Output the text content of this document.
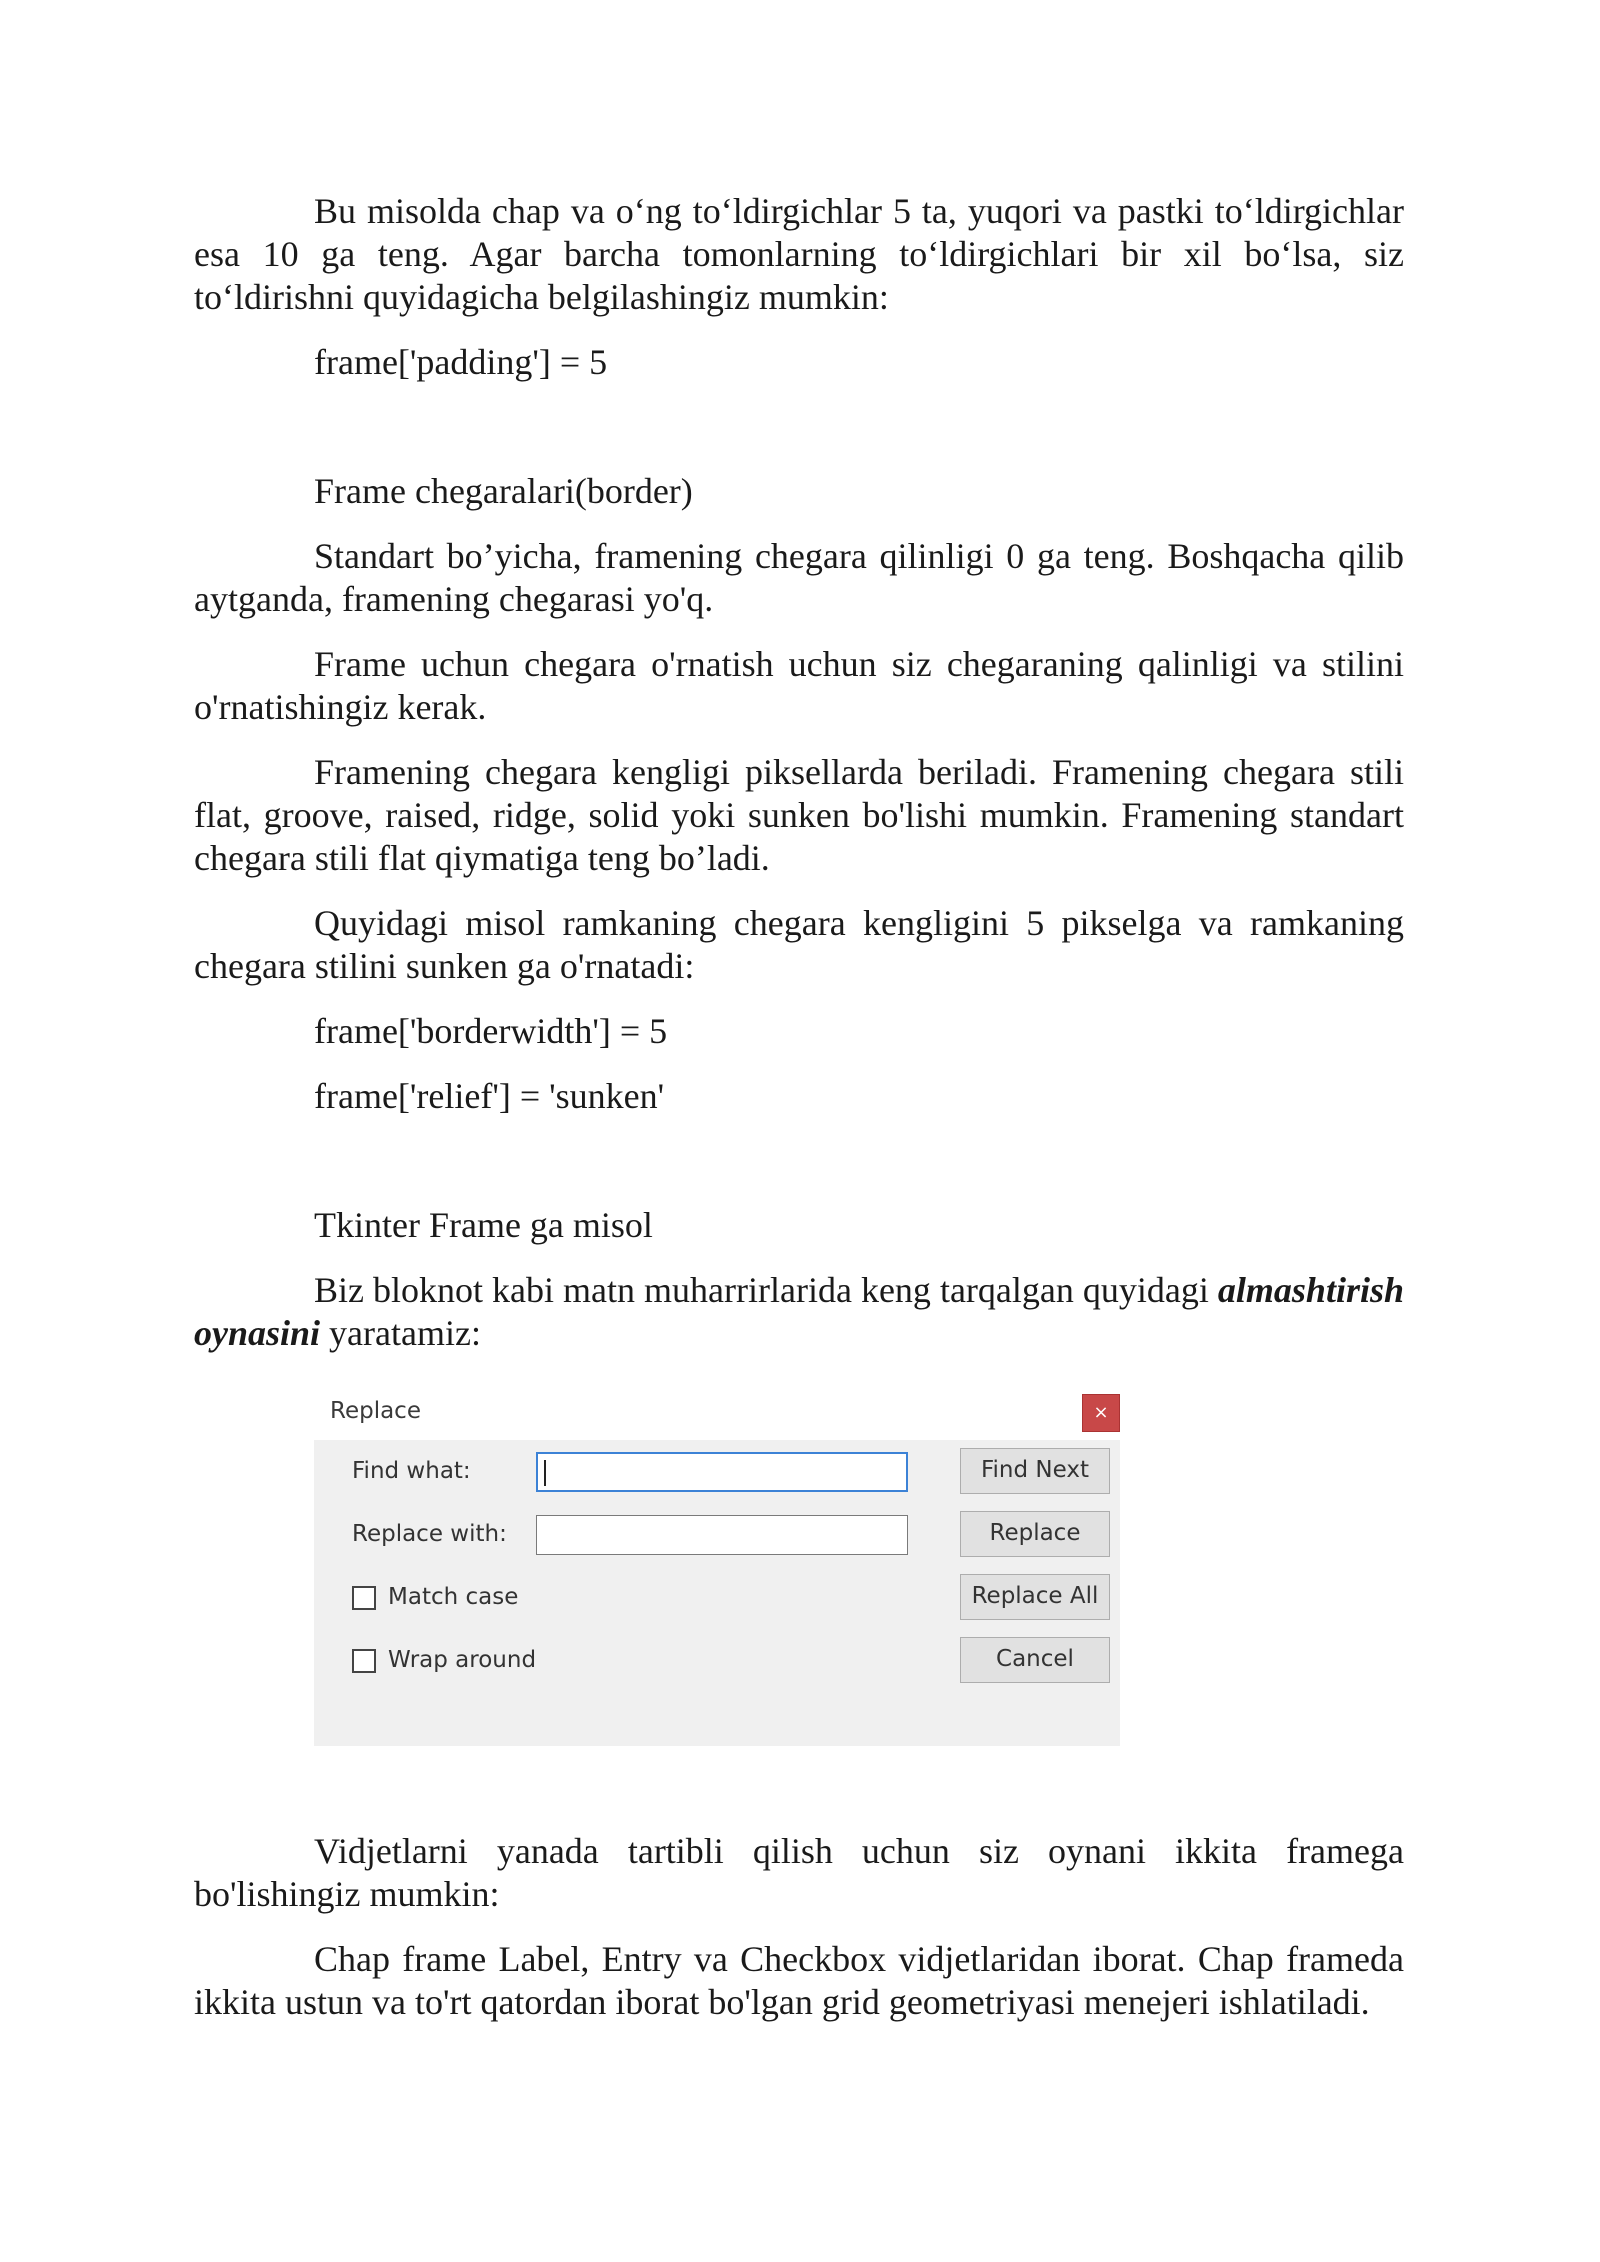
Bu misolda chap va o‘ng to‘ldirgichlar 5 ta, yuqori va pastki to‘ldirgichlar esa 10 ga teng. Agar barcha tomonlarning to‘ldirgichlari bir xil bo‘lsa, siz to‘ldirishni quyidagicha belgilashingiz mumkin:

frame['padding'] = 5

Frame chegaralari(border)

Standart bo’yicha, framening chegara qilinligi 0 ga teng. Boshqacha qilib aytganda, framening chegarasi yo'q.

Frame uchun chegara o'rnatish uchun siz chegaraning qalinligi va stilini o'rnatishingiz kerak.

Framening chegara kengligi piksellarda beriladi. Framening chegara stili flat, groove, raised, ridge, solid yoki sunken bo'lishi mumkin. Framening standart chegara stili flat qiymatiga teng bo’ladi.

Quyidagi misol ramkaning chegara kengligini 5 pikselga va ramkaning chegara stilini sunken ga o'rnatadi:

frame['borderwidth'] = 5

frame['relief'] = 'sunken'

Tkinter Frame ga misol

Biz bloknot kabi matn muharrirlarida keng tarqalgan quyidagi almashtirish oynasini yaratamiz:

Replace	×
Find what:
Replace with:
Match case
Wrap around
Find Next
Replace
Replace All
Cancel

Vidjetlarni yanada tartibli qilish uchun siz oynani ikkita framega bo'lishingiz mumkin:

Chap frame Label, Entry va Checkbox vidjetlaridan iborat. Chap frameda ikkita ustun va to'rt qatordan iborat bo'lgan grid geometriyasi menejeri ishlatiladi.
